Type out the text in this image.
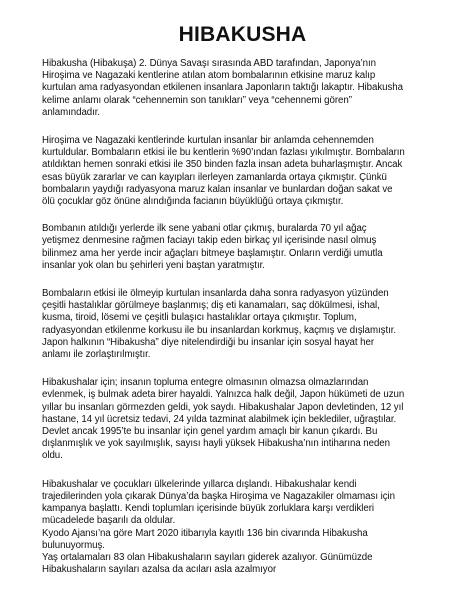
HIBAKUSHA

Hibakusha (Hibakuşa) 2. Dünya Savaşı sırasında ABD tarafından, Japonya’nın
Hiroşima ve Nagazaki kentlerine atılan atom bombalarının etkisine maruz kalıp
kurtulan ama radyasyondan etkilenen insanlara Japonların taktığı lakaptır. Hibakusha
kelime anlamı olarak “cehennemin son tanıkları” veya “cehennemi gören”
anlamındadır.

Hiroşima ve Nagazaki kentlerinde kurtulan insanlar bir anlamda cehennemden
kurtuldular. Bombaların etkisi ile bu kentlerin %90’ından fazlası yıkılmıştır. Bombaların
atıldıktan hemen sonraki etkisi ile 350 binden fazla insan adeta buharlaşmıştır. Ancak
esas büyük zararlar ve can kayıpları ilerleyen zamanlarda ortaya çıkmıştır. Çünkü
bombaların yaydığı radyasyona maruz kalan insanlar ve bunlardan doğan sakat ve
ölü çocuklar göz önüne alındığında facianın büyüklüğü ortaya çıkmıştır.

Bombanın atıldığı yerlerde ilk sene yabani otlar çıkmış, buralarda 70 yıl ağaç
yetişmez denmesine rağmen faciayı takip eden birkaç yıl içerisinde nasıl olmuş
bilinmez ama her yerde incir ağaçları bitmeye başlamıştır. Onların verdiği umutla
insanlar yok olan bu şehirleri yeni baştan yaratmıştır.

Bombaların etkisi ile ölmeyip kurtulan insanlarda daha sonra radyasyon yüzünden
çeşitli hastalıklar görülmeye başlanmış; diş eti kanamaları, saç dökülmesi, ishal,
kusma, tiroid, lösemi ve çeşitli bulaşıcı hastalıklar ortaya çıkmıştır. Toplum,
radyasyondan etkilenme korkusu ile bu insanlardan korkmuş, kaçmış ve dışlamıştır.
Japon halkının “Hibakusha” diye nitelendirdiği bu insanlar için sosyal hayat her
anlamı ile zorlaştırılmıştır.

Hibakushalar için; insanın topluma entegre olmasının olmazsa olmazlarından
evlenmek, iş bulmak adeta birer hayaldi. Yalnızca halk değil, Japon hükümeti de uzun
yıllar bu insanları görmezden geldi, yok saydı. Hibakushalar Japon devletinden, 12 yıl
hastane, 14 yıl ücretsiz tedavi, 24 yılda tazminat alabilmek için beklediler, uğraştılar.
Devlet ancak 1995’te bu insanlar için genel yardım amaçlı bir kanun çıkardı. Bu
dışlanmışlık ve yok sayılmışlık, sayısı hayli yüksek Hibakusha’nın intiharına neden
oldu.

Hibakushalar ve çocukları ülkelerinde yıllarca dışlandı. Hibakushalar kendi
trajedilerinden yola çıkarak Dünya’da başka Hiroşima ve Nagazakiler olmaması için
kampanya başlattı. Kendi toplumları içerisinde büyük zorluklara karşı verdikleri
mücadelede başarılı da oldular.
Kyodo Ajansı’na göre Mart 2020 itibarıyla kayıtlı 136 bin civarında Hibakusha
bulunuyormuş.
Yaş ortalamaları 83 olan Hibakushaların sayıları giderek azalıyor. Günümüzde
Hibakushaların sayıları azalsa da acıları asla azalmıyor
